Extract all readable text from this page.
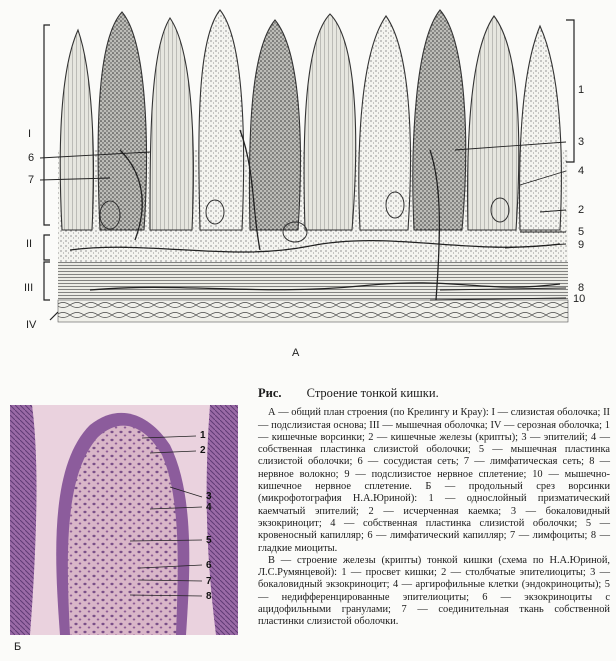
I
II
III
IV
6
7
1
3
4
2
5
9
8
10
А
1
2
3
4
5
6
7
8
Б
Рис. Строение тонкой кишки.

А — общий план строения (по Крелингу и Краy): I — слизистая оболочка; II — подслизистая основа; III — мышечная оболочка; IV — серозная оболочка; 1 — кишечные ворсинки; 2 — кишечные железы (крипты); 3 — эпителий; 4 — собственная пластинка слизистой оболочки; 5 — мышечная пластинка слизистой оболочки; 6 — сосудистая сеть; 7 — лимфатическая сеть; 8 — нервное волокно; 9 — подслизистое нервное сплетение; 10 — мышечно-кишечное нервное сплетение. Б — продольный срез ворсинки (микрофотография Н.А.Юриной): 1 — однослойный призматический каемчатый эпителий; 2 — исчерченная каемка; 3 — бокаловидный экзокриноцит; 4 — собственная пластинка слизистой оболочки; 5 — кровеносный капилляр; 6 — лимфатический капилляр; 7 — лимфоциты; 8 — гладкие миоциты.

В — строение железы (крипты) тонкой кишки (схема по Н.А.Юриной, Л.С.Румянцевой): 1 — просвет кишки; 2 — столбчатые эпителиоциты; 3 — бокаловидный экзокриноцит; 4 — аргирофильные клетки (эндокриноциты); 5 — недифференцированные эпителиоциты; 6 — экзокриноциты с ацидофильными гранулами; 7 — соединительная ткань собственной пластинки слизистой оболочки.
